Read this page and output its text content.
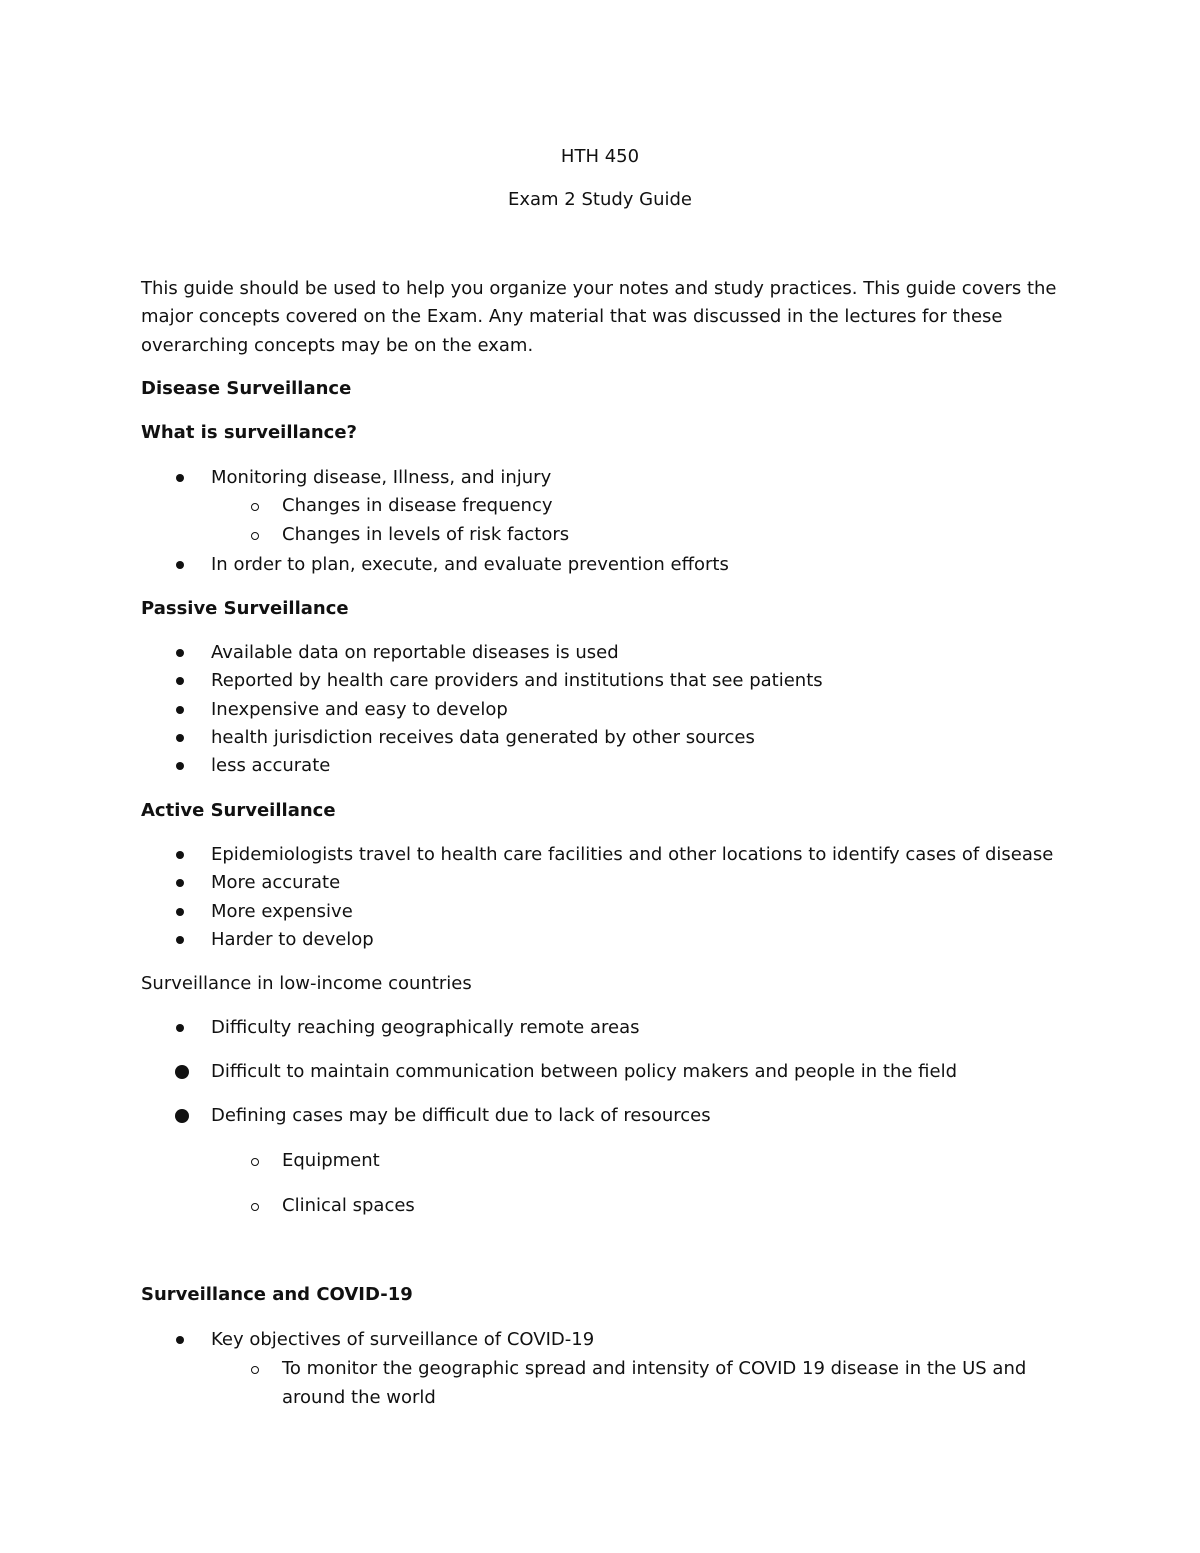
HTH 450
Exam 2 Study Guide
This guide should be used to help you organize your notes and study practices. This guide covers the
major concepts covered on the Exam. Any material that was discussed in the lectures for these
overarching concepts may be on the exam.
Disease Surveillance
What is surveillance?
Monitoring disease, Illness, and injury
Changes in disease frequency
Changes in levels of risk factors
In order to plan, execute, and evaluate prevention efforts
Passive Surveillance
Available data on reportable diseases is used
Reported by health care providers and institutions that see patients
Inexpensive and easy to develop
health jurisdiction receives data generated by other sources
less accurate
Active Surveillance
Epidemiologists travel to health care facilities and other locations to identify cases of disease
More accurate
More expensive
Harder to develop
Surveillance in low-income countries
Difficulty reaching geographically remote areas
Difficult to maintain communication between policy makers and people in the field
Defining cases may be difficult due to lack of resources
Equipment
Clinical spaces
Surveillance and COVID-19
Key objectives of surveillance of COVID-19
To monitor the geographic spread and intensity of COVID 19 disease in the US and
around the world
